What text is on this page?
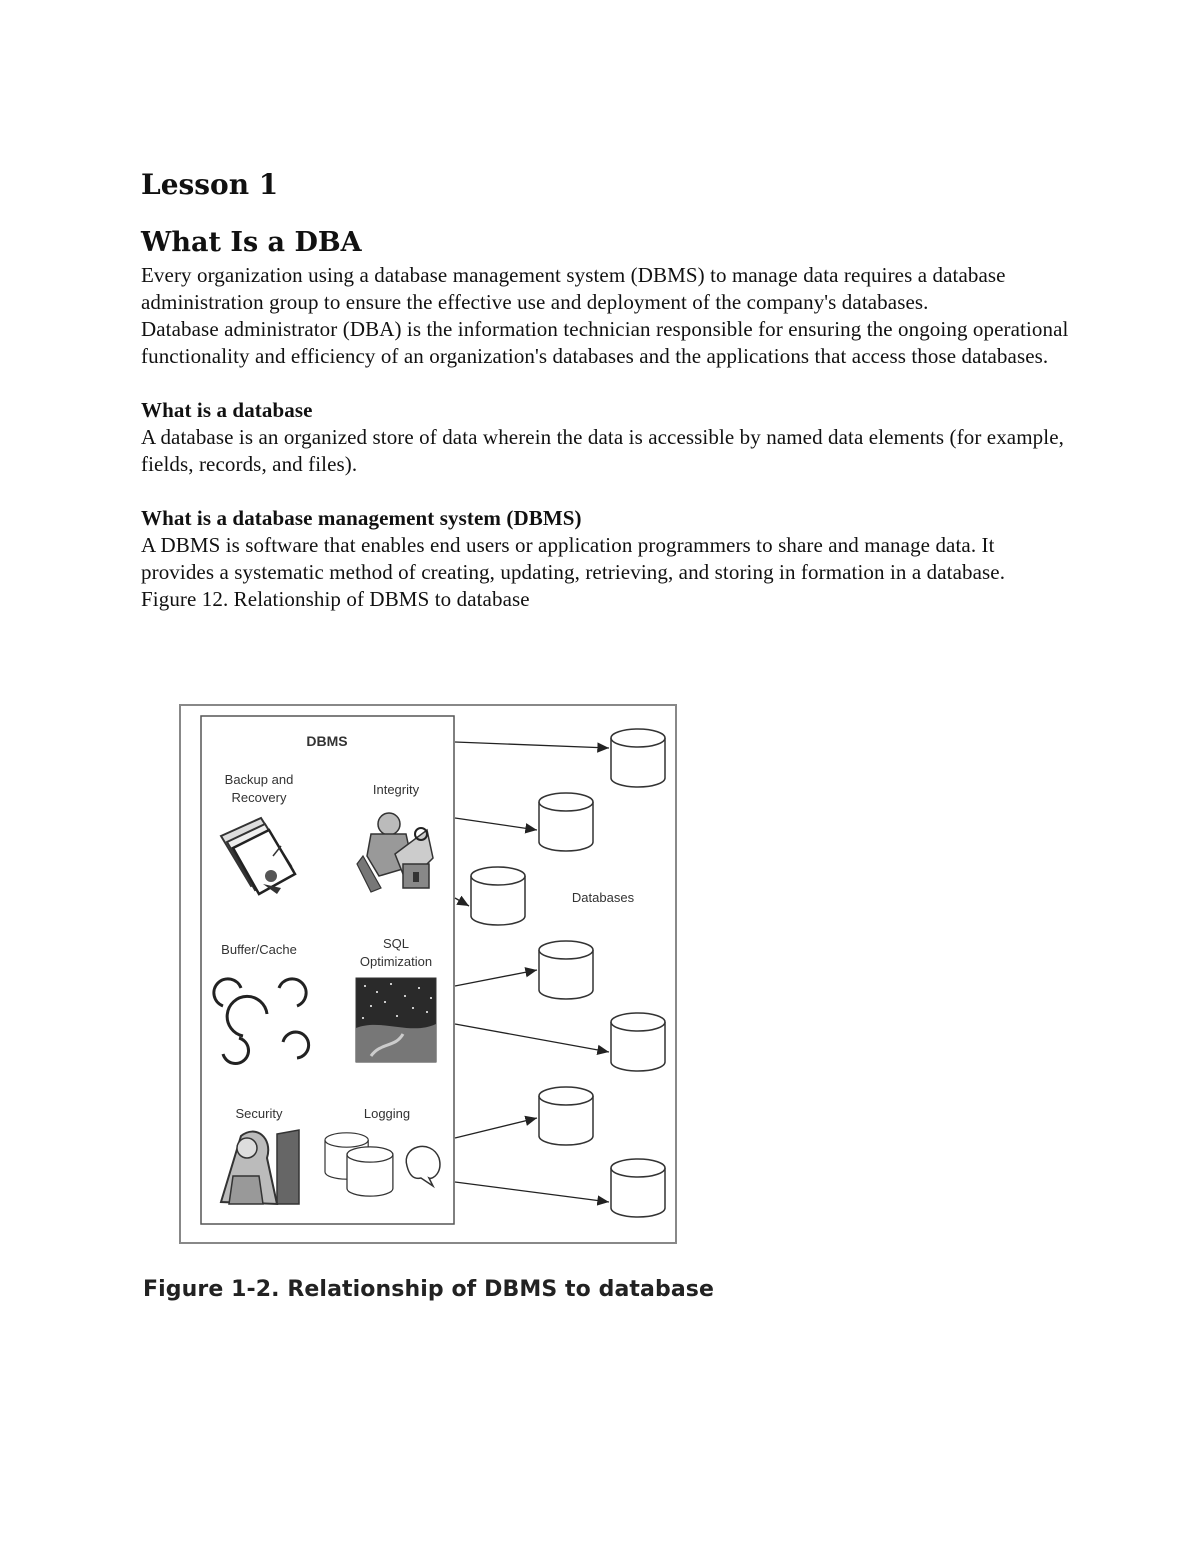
Lesson 1
What Is a DBA

Every organization using a database management system (DBMS) to manage data requires a database administration group to ensure the effective use and deployment of the company's databases.

Database administrator (DBA) is the information technician responsible for ensuring the ongoing operational functionality and efficiency of an organization's databases and the applications that access those databases.

What is a database

A database is an organized store of data wherein the data is accessible by named data elements (for example, fields, records, and files).

What is a database management system (DBMS)

A DBMS is software that enables end users or application programmers to share and manage data. It provides a systematic method of creating, updating, retrieving, and storing in formation in a database.

Figure 12. Relationship of DBMS to database

DBMS
Backup and
Recovery
Integrity
Buffer/Cache	SQL
Optimization
Security	Logging
Databases

Figure 1-2. Relationship of DBMS to database
